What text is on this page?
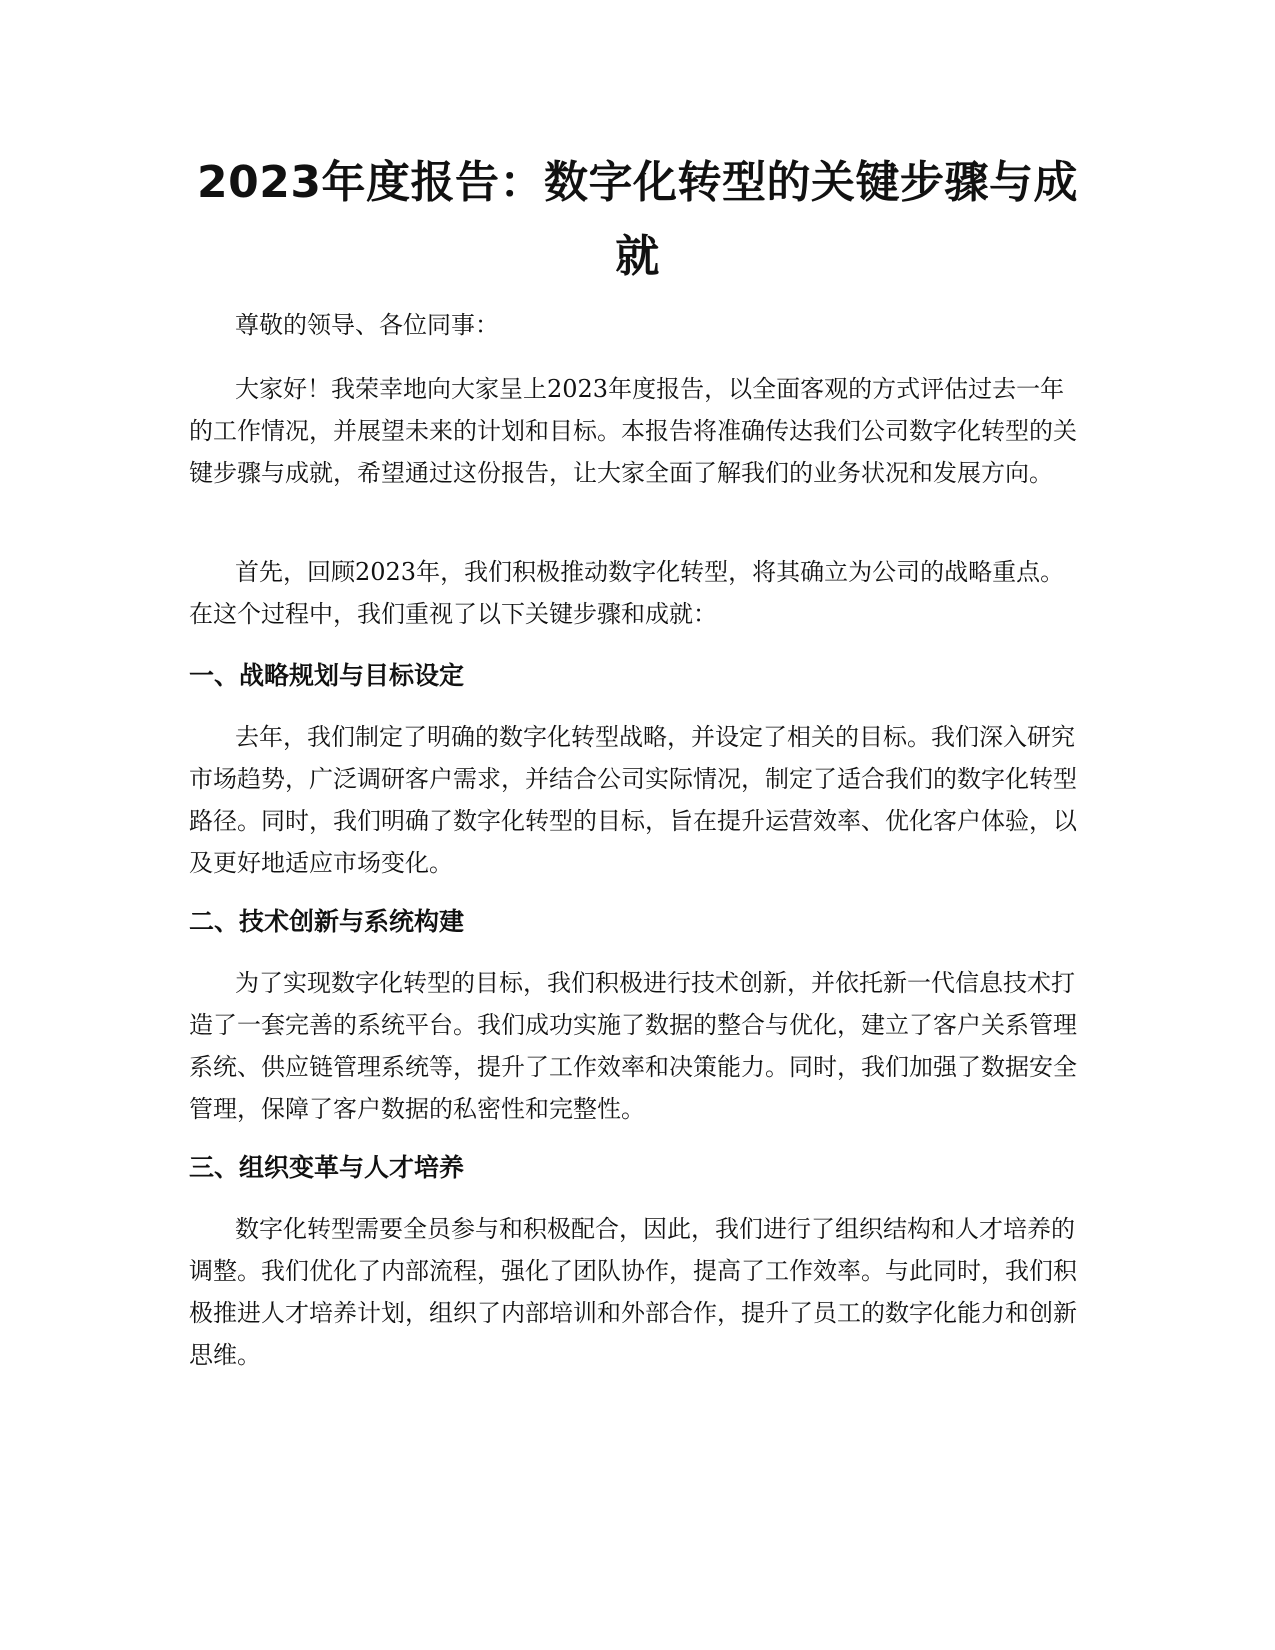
2023年度报告：数字化转型的关键步骤与成就

尊敬的领导、各位同事：

大家好！我荣幸地向大家呈上2023年度报告，以全面客观的方式评估过去一年的工作情况，并展望未来的计划和目标。本报告将准确传达我们公司数字化转型的关键步骤与成就，希望通过这份报告，让大家全面了解我们的业务状况和发展方向。

首先，回顾2023年，我们积极推动数字化转型，将其确立为公司的战略重点。在这个过程中，我们重视了以下关键步骤和成就：

一、战略规划与目标设定

去年，我们制定了明确的数字化转型战略，并设定了相关的目标。我们深入研究市场趋势，广泛调研客户需求，并结合公司实际情况，制定了适合我们的数字化转型路径。同时，我们明确了数字化转型的目标，旨在提升运营效率、优化客户体验，以及更好地适应市场变化。

二、技术创新与系统构建

为了实现数字化转型的目标，我们积极进行技术创新，并依托新一代信息技术打造了一套完善的系统平台。我们成功实施了数据的整合与优化，建立了客户关系管理系统、供应链管理系统等，提升了工作效率和决策能力。同时，我们加强了数据安全管理，保障了客户数据的私密性和完整性。

三、组织变革与人才培养

数字化转型需要全员参与和积极配合，因此，我们进行了组织结构和人才培养的调整。我们优化了内部流程，强化了团队协作，提高了工作效率。与此同时，我们积极推进人才培养计划，组织了内部培训和外部合作，提升了员工的数字化能力和创新思维。
